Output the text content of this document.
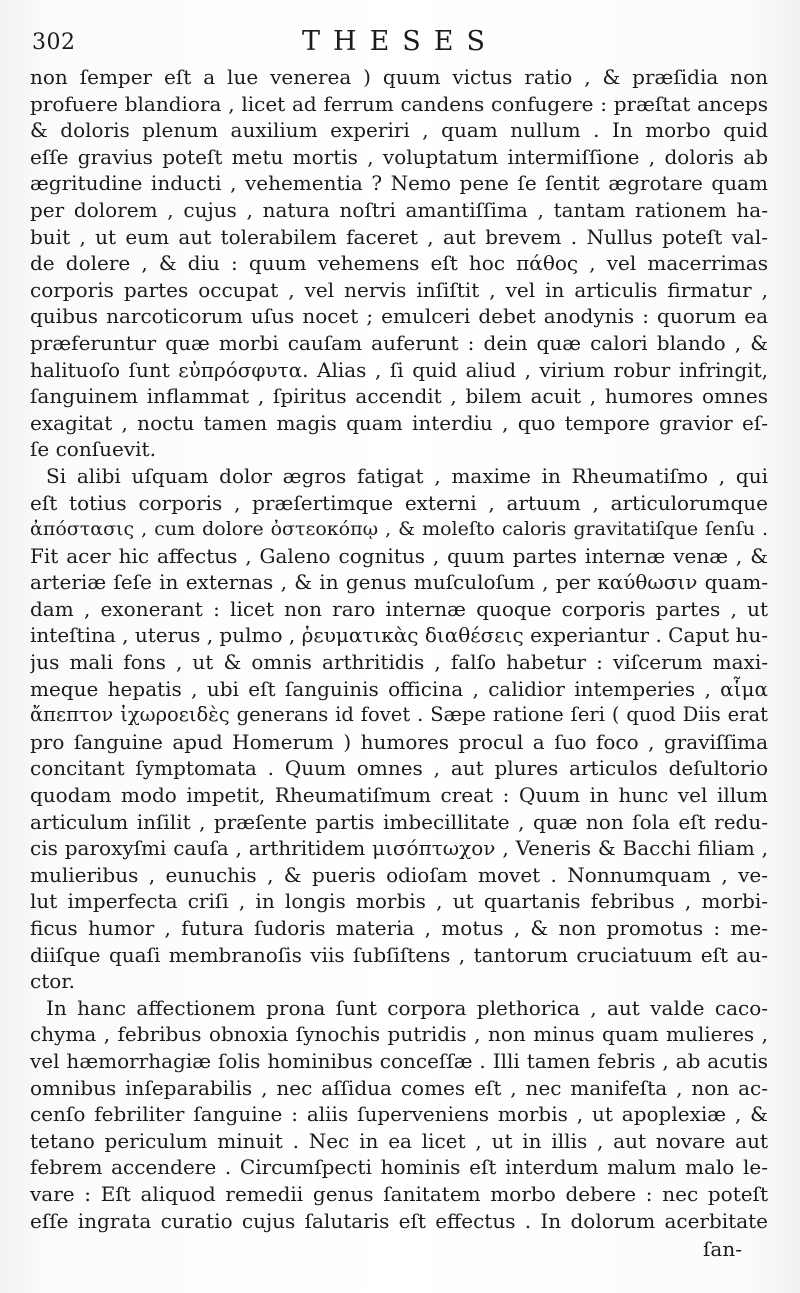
302	THESES
non ſemper eſt a lue venerea ) quum victus ratio , & præſidia non
profuere blandiora , licet ad ferrum candens confugere : præſtat anceps
& doloris plenum auxilium experiri , quam nullum . In morbo quid
eſſe gravius poteſt metu mortis , voluptatum intermiſſione , doloris ab
ægritudine inducti , vehementia ? Nemo pene ſe ſentit ægrotare quam
per dolorem , cujus , natura noſtri amantiſſima , tantam rationem ha-
buit , ut eum aut tolerabilem faceret , aut brevem . Nullus poteſt val-
de dolere , & diu : quum vehemens eſt hoc πάθος , vel macerrimas
corporis partes occupat , vel nervis inſiſtit , vel in articulis firmatur ,
quibus narcoticorum uſus nocet ; emulceri debet anodynis : quorum ea
præferuntur quæ morbi cauſam auferunt : dein quæ calori blando , &
halituoſo ſunt εὐπρόσφυτα. Alias , ſi quid aliud , virium robur infringit,
ſanguinem inflammat , ſpiritus accendit , bilem acuit , humores omnes
exagitat , noctu tamen magis quam interdiu , quo tempore gravior eſ-
ſe conſuevit.
Si alibi uſquam dolor ægros fatigat , maxime in Rheumatiſmo , qui
eſt totius corporis , præſertimque externi , artuum , articulorumque
ἀπόστασις , cum dolore ὀστεοκόπῳ , & moleſto caloris gravitatiſque ſenſu .
Fit acer hic affectus , Galeno cognitus , quum partes internæ venæ , &
arteriæ ſeſe in externas , & in genus muſculoſum , per καύθωσιν quam-
dam , exonerant : licet non raro internæ quoque corporis partes , ut
inteſtina , uterus , pulmo , ῥευματικὰς διαθέσεις experiantur . Caput hu-
jus mali fons , ut & omnis arthritidis , falſo habetur : viſcerum maxi-
meque hepatis , ubi eſt ſanguinis officina , calidior intemperies , αἷμα
ἄπεπτον ἰχωροειδὲς generans id fovet . Sæpe ratione ſeri ( quod Diis erat
pro ſanguine apud Homerum ) humores procul a ſuo foco , graviſſima
concitant ſymptomata . Quum omnes , aut plures articulos deſultorio
quodam modo impetit, Rheumatiſmum creat : Quum in hunc vel illum
articulum inſilit , præſente partis imbecillitate , quæ non ſola eſt redu-
cis paroxyſmi cauſa , arthritidem μισόπτωχον , Veneris & Bacchi filiam ,
mulieribus , eunuchis , & pueris odioſam movet . Nonnumquam , ve-
lut imperfecta criſi , in longis morbis , ut quartanis febribus , morbi-
ficus humor , futura ſudoris materia , motus , & non promotus : me-
diiſque quaſi membranoſis viis ſubſiſtens , tantorum cruciatuum eſt au-
ctor.
In hanc affectionem prona ſunt corpora plethorica , aut valde caco-
chyma , febribus obnoxia ſynochis putridis , non minus quam mulieres ,
vel hæmorrhagiæ ſolis hominibus conceſſæ . Illi tamen febris , ab acutis
omnibus inſeparabilis , nec aſſidua comes eſt , nec manifeſta , non ac-
cenſo febriliter ſanguine : aliis ſuperveniens morbis , ut apoplexiæ , &
tetano periculum minuit . Nec in ea licet , ut in illis , aut novare aut
febrem accendere . Circumſpecti hominis eſt interdum malum malo le-
vare : Eſt aliquod remedii genus ſanitatem morbo debere : nec poteſt
eſſe ingrata curatio cujus ſalutaris eſt effectus . In dolorum acerbitate
ſan-
